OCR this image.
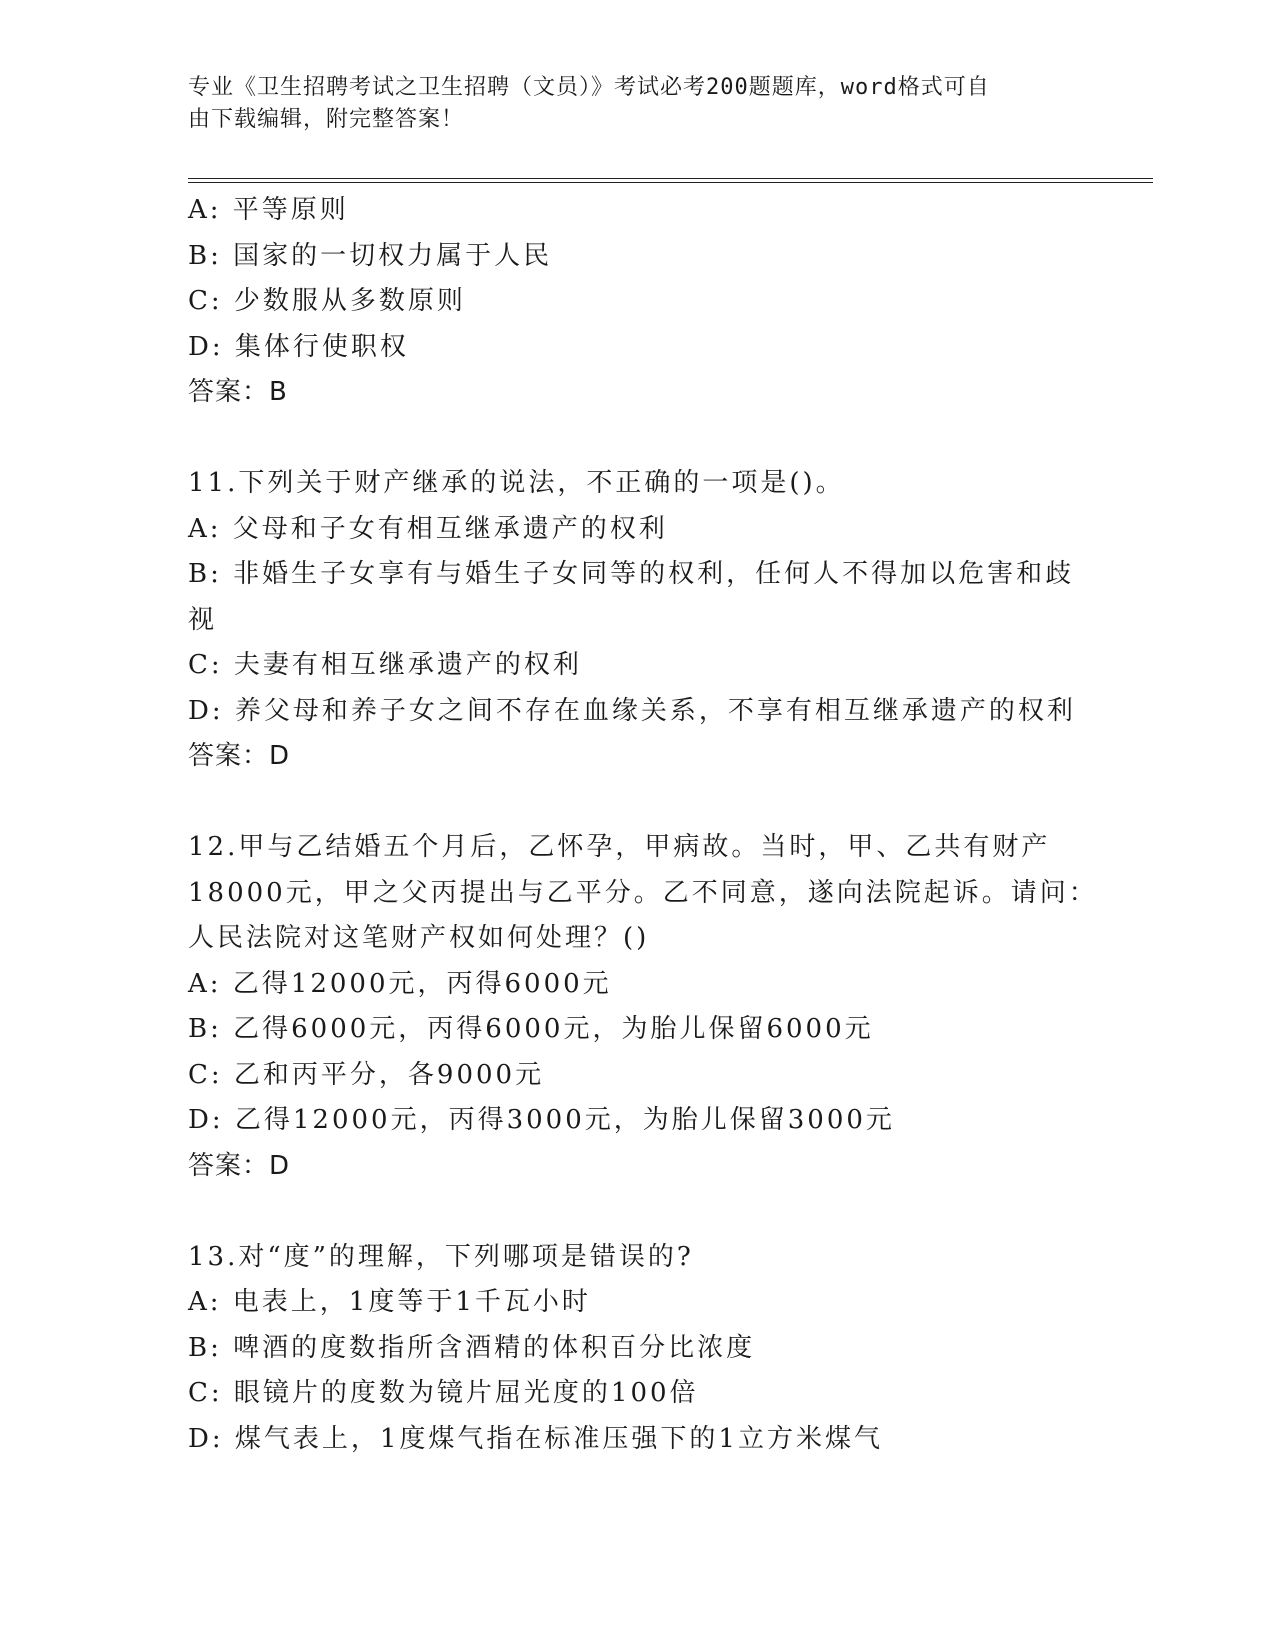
专业《卫生招聘考试之卫生招聘（文员）》考试必考200题题库，word格式可自
由下载编辑，附完整答案！
A: 平等原则
B: 国家的一切权力属于人民
C: 少数服从多数原则
D: 集体行使职权
答案：B
11.下列关于财产继承的说法，不正确的一项是()。
A: 父母和子女有相互继承遗产的权利
B: 非婚生子女享有与婚生子女同等的权利，任何人不得加以危害和歧
视
C: 夫妻有相互继承遗产的权利
D: 养父母和养子女之间不存在血缘关系，不享有相互继承遗产的权利
答案：D
12.甲与乙结婚五个月后，乙怀孕，甲病故。当时，甲、乙共有财产
18000元，甲之父丙提出与乙平分。乙不同意，遂向法院起诉。请问：
人民法院对这笔财产权如何处理？()
A: 乙得12000元，丙得6000元
B: 乙得6000元，丙得6000元，为胎儿保留6000元
C: 乙和丙平分，各9000元
D: 乙得12000元，丙得3000元，为胎儿保留3000元
答案：D
13.对“度”的理解，下列哪项是错误的?
A: 电表上，1度等于1千瓦小时
B: 啤酒的度数指所含酒精的体积百分比浓度
C: 眼镜片的度数为镜片屈光度的100倍
D: 煤气表上，1度煤气指在标准压强下的1立方米煤气
